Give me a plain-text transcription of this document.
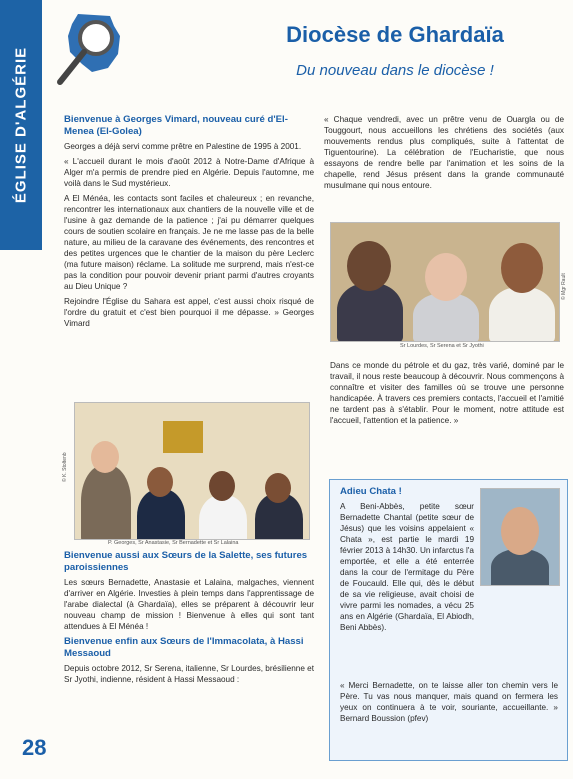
ÉGLISE D'ALGÉRIE
Diocèse de Ghardaïa
Du nouveau dans le diocèse !
Bienvenue à Georges Vimard, nouveau curé d'El-Menea (El-Golea)

Georges a déjà servi comme prêtre en Palestine de 1995 à 2001.

« L'accueil durant le mois d'août 2012 à Notre-Dame d'Afrique à Alger m'a permis de prendre pied en Algérie. Depuis l'automne, me voilà dans le Sud mystérieux.

A El Ménéa, les contacts sont faciles et chaleureux ; en revanche, rencontrer les internationaux aux chantiers de la nouvelle ville et de l'usine à gaz demande de la patience ; j'ai pu démarrer quelques cours de soutien scolaire en français. Je ne me lasse pas de la belle nature, au milieu de la caravane des événements, des rencontres et des petites urgences que le chantier de la maison du père Leclerc (ma future maison) réclame. La solitude me surprend, mais n'est-ce pas la condition pour pouvoir devenir priant parmi d'autres croyants au Dieu Unique ?

Rejoindre l'Église du Sahara est appel, c'est aussi choix risqué de l'ordre du gratuit et c'est bien pourquoi il me dépasse. » Georges Vimard

P. Georges, Sr Anastasie, Sr Bernadette et Sr Lalaina
© K. Stoltenb
Bienvenue aussi aux Sœurs de la Salette, ses futures paroissiennes

Les sœurs Bernadette, Anastasie et Lalaina, malgaches, viennent d'arriver en Algérie. Investies à plein temps dans l'apprentissage de l'arabe dialectal (à Ghardaïa), elles se préparent à découvrir leur nouveau champ de mission ! Bienvenue à elles qui sont tant attendues à El Ménéa !

Bienvenue enfin aux Sœurs de l'Immacolata, à Hassi Messaoud

Depuis octobre 2012, Sr Serena, italienne, Sr Lourdes, brésilienne et Sr Jyothi, indienne, résident à Hassi Messaoud :

« Chaque vendredi, avec un prêtre venu de Ouargla ou de Touggourt, nous accueillons les chrétiens des sociétés (aux mouvements rendus plus compliqués, suite à l'attentat de Tiguentourine). La célébration de l'Eucharistie, que nous essayons de rendre belle par l'animation et les soins de la chapelle, rend Jésus présent dans la grande communauté musulmane qui nous entoure.

Sr Lourdes, Sr Serena et Sr Jyothi
© Mgr Rault

Dans ce monde du pétrole et du gaz, très varié, dominé par le travail, il nous reste beaucoup à découvrir. Nous commençons à connaître et visiter des familles où se trouve une personne handicapée. À travers ces premiers contacts, l'accueil et l'amitié ne tardent pas à s'établir. Pour le moment, notre attitude est l'accueil, l'attention et la patience. »

Adieu Chata !

A Beni-Abbès, petite sœur Bernadette Chantal (petite sœur de Jésus) que les voisins appelaient « Chata », est partie le mardi 19 février 2013 à 14h30. Un infarctus l'a emportée, et elle a été enterrée dans la cour de l'ermitage du Père de Foucauld. Elle qui, dès le début de sa vie religieuse, avait choisi de vivre parmi les nomades, a vécu 25 ans en Algérie (Ghardaïa, El Abiodh, Beni Abbès).

« Merci Bernadette, on te laisse aller ton chemin vers le Père. Tu vas nous manquer, mais quand on fermera les yeux on continuera à te voir, souriante, accueillante. » Bernard Boussion (pfev)

28
